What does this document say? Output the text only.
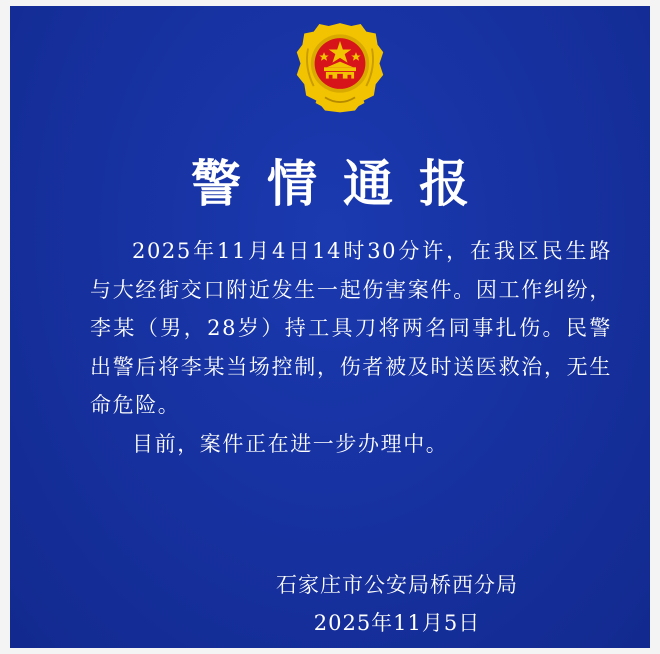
警情通报

2025年11月4日14时30分许，在我区民生路与大经街交口附近发生一起伤害案件。因工作纠纷，李某（男，28岁）持工具刀将两名同事扎伤。民警出警后将李某当场控制，伤者被及时送医救治，无生命危险。

目前，案件正在进一步办理中。

石家庄市公安局桥西分局
2025年11月5日
